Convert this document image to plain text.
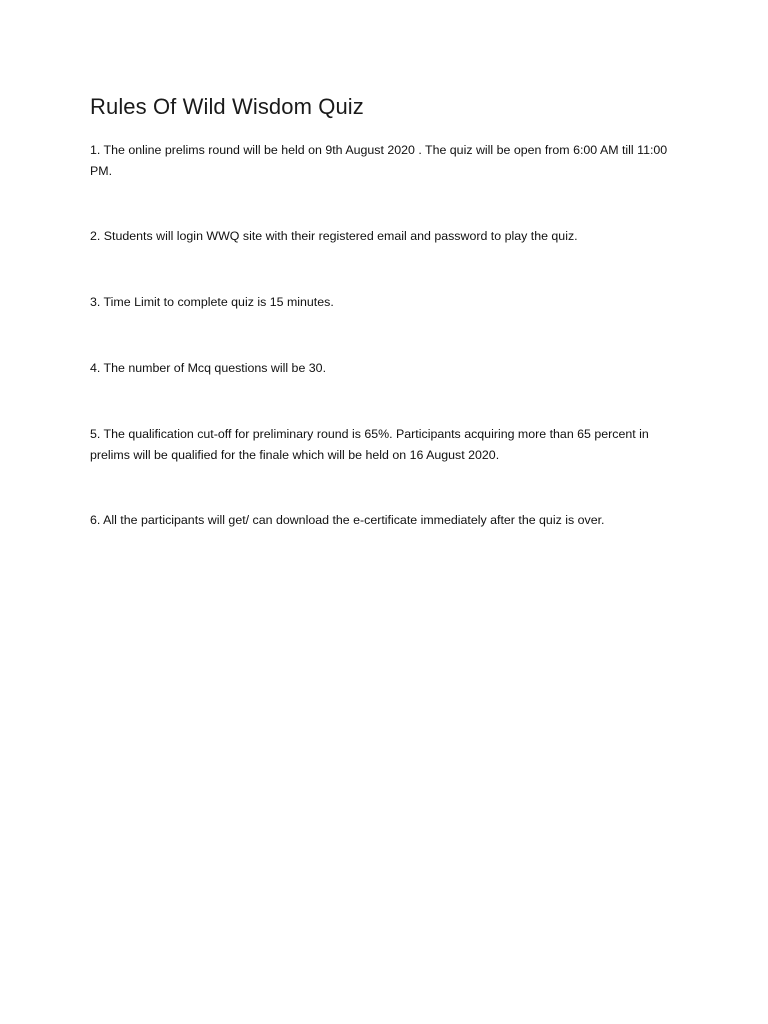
Rules Of Wild Wisdom Quiz

1. The online prelims round will be held on 9th August 2020 . The quiz will be open from 6:00 AM till 11:00 PM.

2. Students will login WWQ site with their registered email and password to play the quiz.

3. Time Limit to complete quiz is 15 minutes.

4. The number of Mcq questions will be 30.

5. The qualification cut-off for preliminary round is 65%. Participants acquiring more than 65 percent in prelims will be qualified for the finale which will be held on 16 August 2020.

6. All the participants will get/ can download the e-certificate immediately after the quiz is over.
